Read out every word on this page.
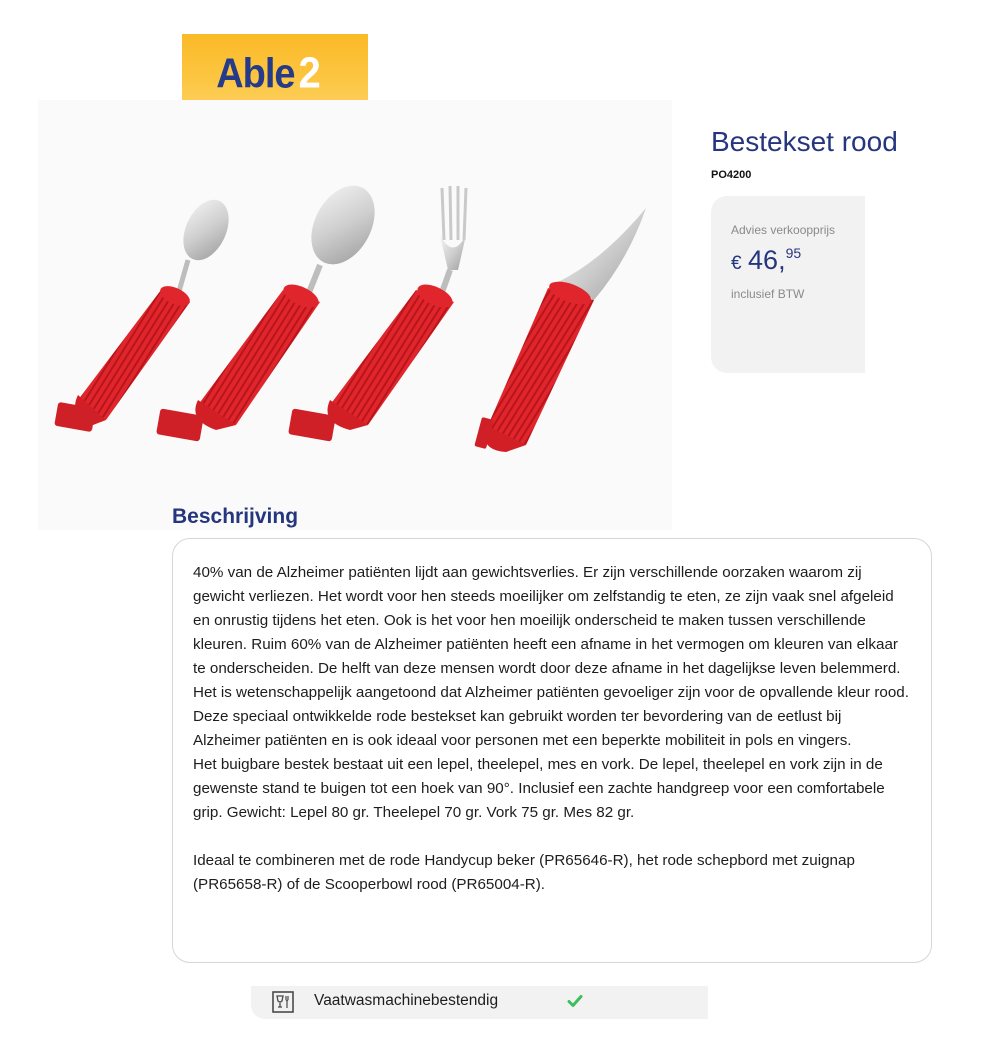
Able 2
Bestekset rood
PO4200
Advies verkoopprijs
€ 46,95
inclusief BTW
Beschrijving

40% van de Alzheimer patiënten lijdt aan gewichtsverlies. Er zijn verschillende oorzaken waarom zij gewicht verliezen. Het wordt voor hen steeds moeilijker om zelfstandig te eten, ze zijn vaak snel afgeleid en onrustig tijdens het eten. Ook is het voor hen moeilijk onderscheid te maken tussen verschillende kleuren. Ruim 60% van de Alzheimer patiënten heeft een afname in het vermogen om kleuren van elkaar te onderscheiden. De helft van deze mensen wordt door deze afname in het dagelijkse leven belemmerd.

Het is wetenschappelijk aangetoond dat Alzheimer patiënten gevoeliger zijn voor de opvallende kleur rood.

Deze speciaal ontwikkelde rode bestekset kan gebruikt worden ter bevordering van de eetlust bij Alzheimer patiënten en is ook ideaal voor personen met een beperkte mobiliteit in pols en vingers.

Het buigbare bestek bestaat uit een lepel, theelepel, mes en vork. De lepel, theelepel en vork zijn in de gewenste stand te buigen tot een hoek van 90°. Inclusief een zachte handgreep voor een comfortabele grip. Gewicht: Lepel 80 gr. Theelepel 70 gr. Vork 75 gr. Mes 82 gr.

Ideaal te combineren met de rode Handycup beker (PR65646-R), het rode schepbord met zuignap (PR65658-R) of de Scooperbowl rood (PR65004-R).

Vaatwasmachinebestendig
